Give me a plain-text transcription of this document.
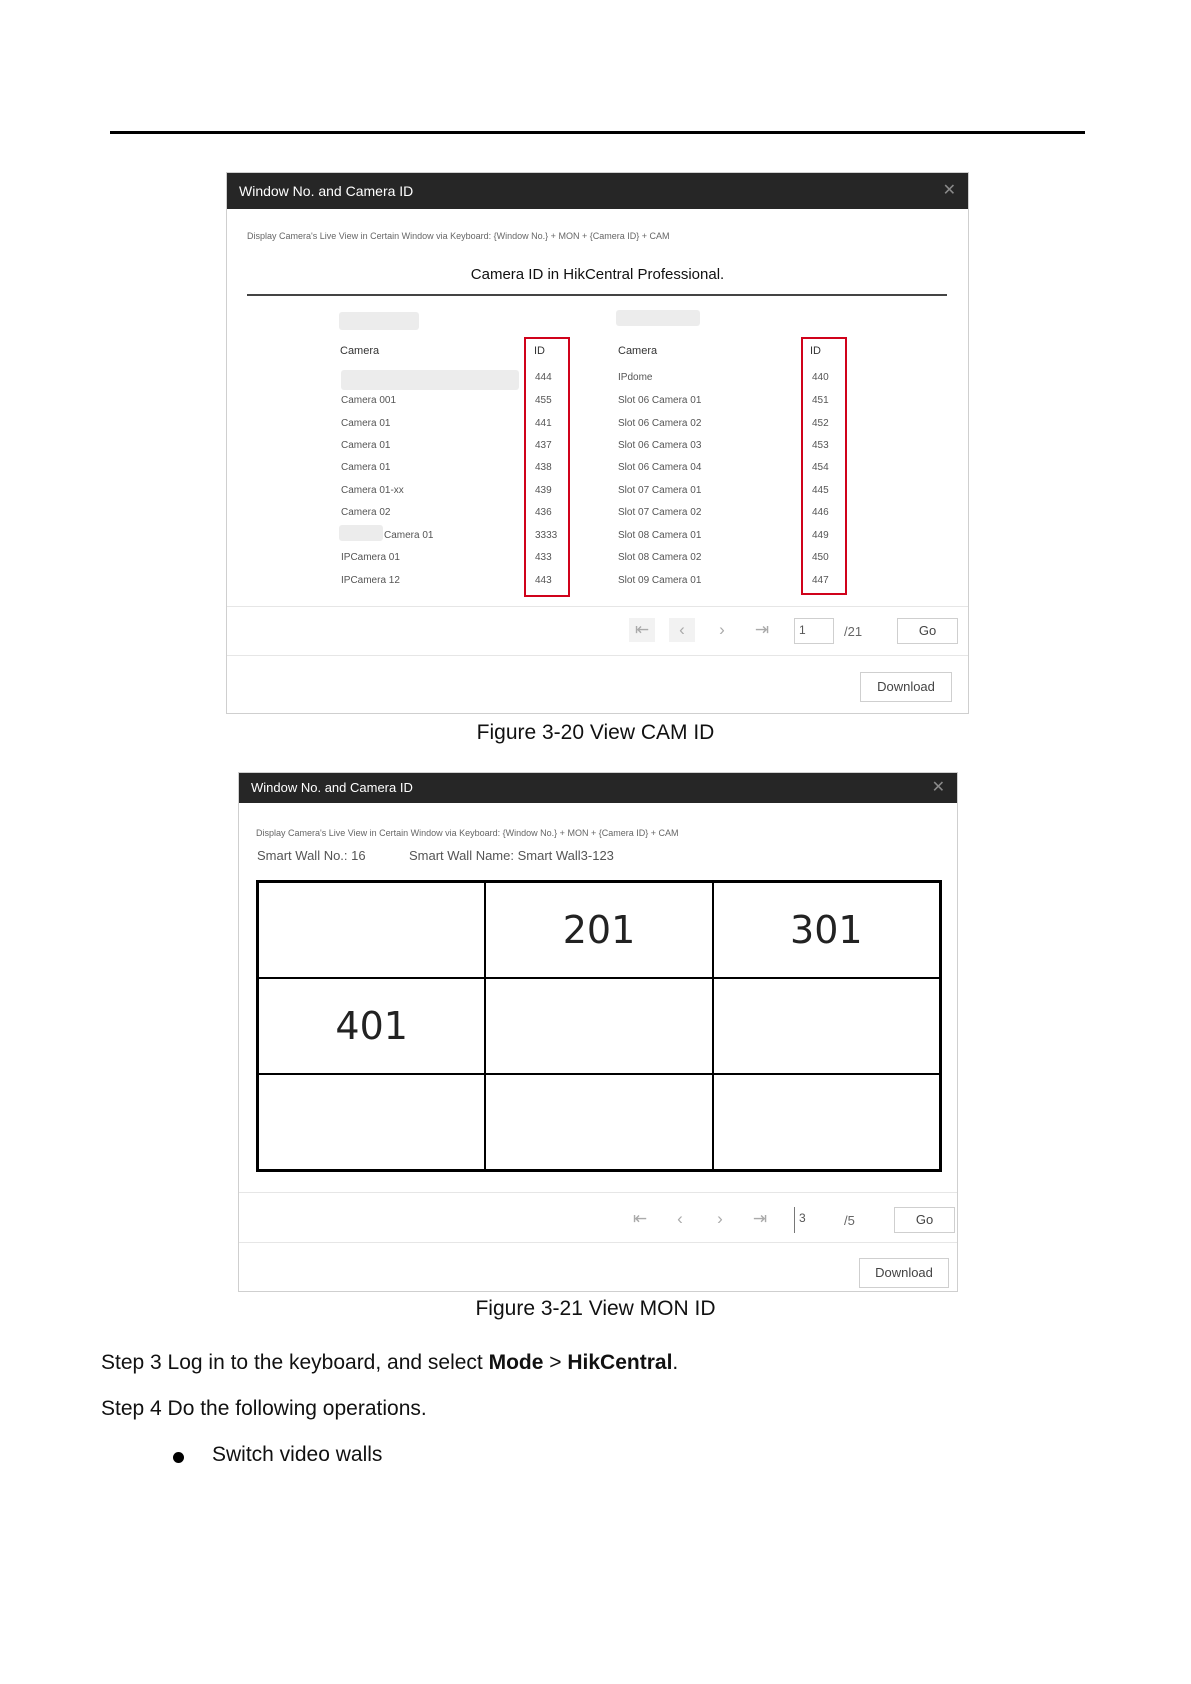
Window No. and Camera ID	✕
Display Camera's Live View in Certain Window via Keyboard: {Window No.} + MON + {Camera ID} + CAM
Camera ID in HikCentral Professional.
Camera	ID	Camera	ID
444
Camera 001	455
Camera 01	441
Camera 01	437
Camera 01	438
Camera 01-xx	439
Camera 02	436
Camera 01	3333
IPCamera 01	433
IPCamera 12	443
IPdome	440
Slot 06 Camera 01	451
Slot 06 Camera 02	452
Slot 06 Camera 03	453
Slot 06 Camera 04	454
Slot 07 Camera 01	445
Slot 07 Camera 02	446
Slot 08 Camera 01	449
Slot 08 Camera 02	450
Slot 09 Camera 01	447
⇤	‹	›	⇥	1	/21	Go
Download
Figure 3-20 View CAM ID
Window No. and Camera ID	✕
Display Camera's Live View in Certain Window via Keyboard: {Window No.} + MON + {Camera ID} + CAM
Smart Wall No.: 16	Smart Wall Name: Smart Wall3-123
201	301
401
⇤	‹	›	⇥	3	/5	Go
Download
Figure 3-21 View MON ID
Step 3 Log in to the keyboard, and select Mode > HikCentral.
Step 4 Do the following operations.
Switch video walls
